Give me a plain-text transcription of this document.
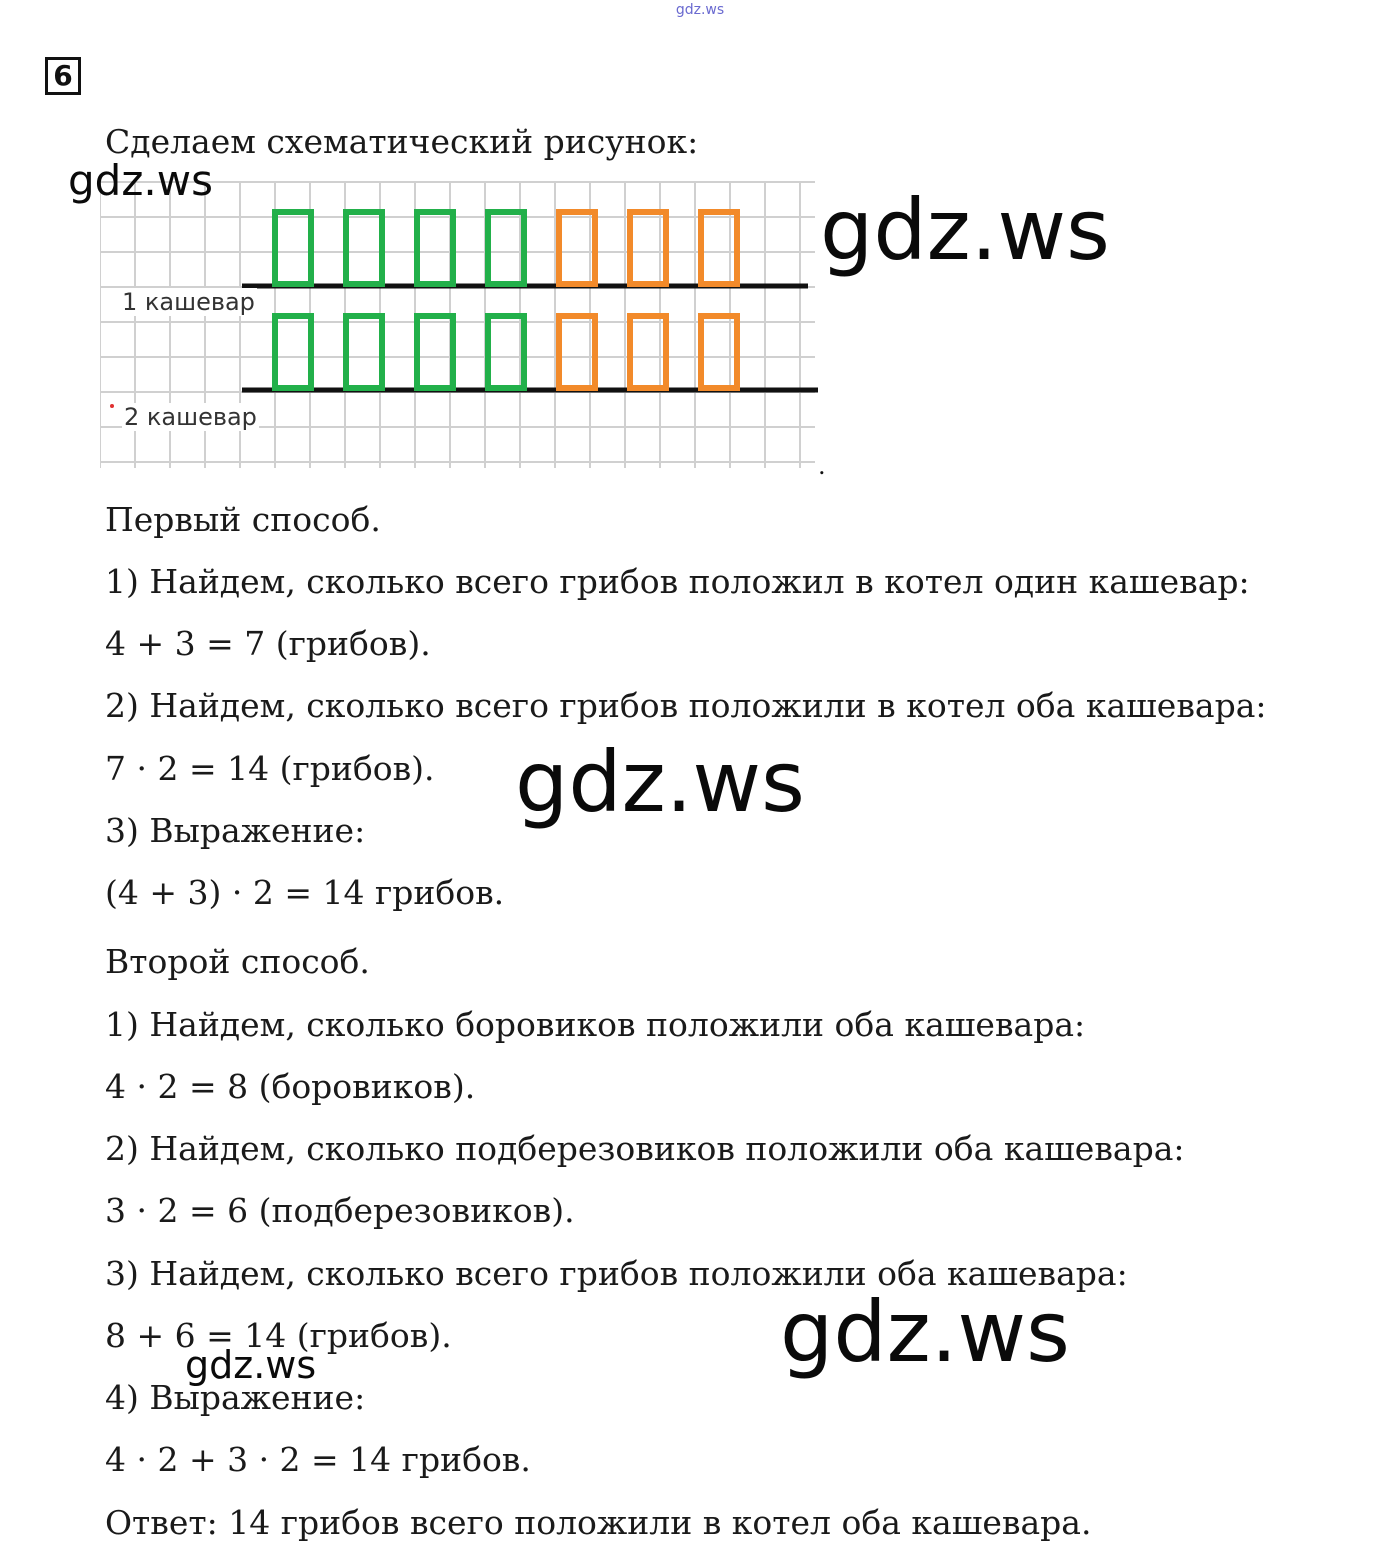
gdz.ws
6
Сделаем схематический рисунок:
1 кашевар
2 кашевар
.
Первый способ.
1) Найдем, сколько всего грибов положил в котел один кашевар:
4 + 3 = 7 (грибов).
2) Найдем, сколько всего грибов положили в котел оба кашевара:
7 · 2 = 14 (грибов).
3) Выражение:
(4 + 3) · 2 = 14 грибов.
Второй способ.
1) Найдем, сколько боровиков положили оба кашевара:
4 · 2 = 8 (боровиков).
2) Найдем, сколько подберезовиков положили оба кашевара:
3 · 2 = 6 (подберезовиков).
3) Найдем, сколько всего грибов положили оба кашевара:
8 + 6 = 14 (грибов).
4) Выражение:
4 · 2 + 3 · 2 = 14 грибов.
Ответ: 14 грибов всего положили в котел оба кашевара.
gdz.ws
gdz.ws
gdz.ws
gdz.ws
gdz.ws
